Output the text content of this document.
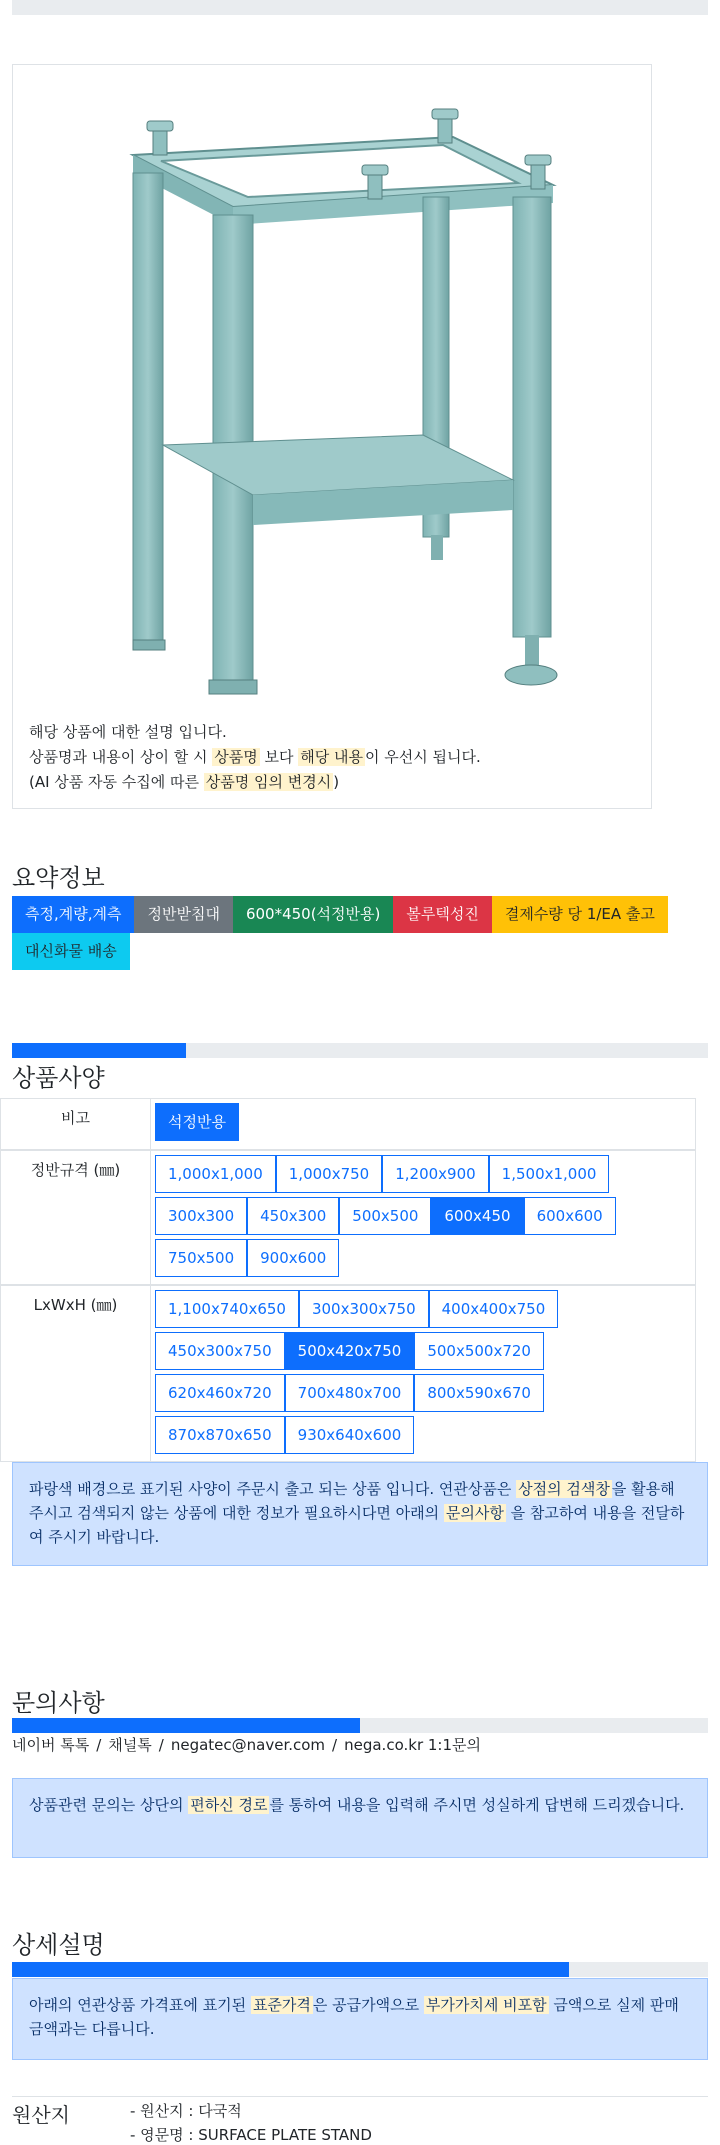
해당 상품에 대한 설명 입니다.
상품명과 내용이 상이 할 시 상품명 보다 해당 내용 이 우선시 됩니다.
(AI 상품 자동 수집에 따른 상품명 임의 변경시 )
요약정보
측정,계량,계측	정반받침대	600*450(석정반용)	볼루텍성진	결제수량 당 1/EA 출고
대신화물 배송
상품사양
비고	석정반용
정반규격 (㎜)	1,000x1,000	1,000x750	1,200x900	1,500x1,000
300x300	450x300	500x500	600x450	600x600
750x500	900x600
LxWxH (㎜)	1,100x740x650	300x300x750	400x400x750
450x300x750	500x420x750	500x500x720
620x460x720	700x480x700	800x590x670
870x870x650	930x640x600
파랑색 배경으로 표기된 사양이 주문시 출고 되는 상품 입니다. 연관상품은 상점의 검색창 을 활용해 주시고 검색되지 않는 상품에 대한 정보가 필요하시다면 아래의 문의사항 을 참고하여 내용을 전달하여 주시기 바랍니다.
문의사항
네이버 톡톡 / 채널톡 / negatec@naver.com / nega.co.kr 1:1문의
상품관련 문의는 상단의 편하신 경로 를 통하여 내용을 입력해 주시면 성실하게 답변해 드리겠습니다.
상세설명
아래의 연관상품 가격표에 표기된 표준가격 은 공급가액으로 부가가치세 비포함 금액으로 실제 판매금액과는 다릅니다.
원산지	- 원산지 : 다국적
- 영문명 : SURFACE PLATE STAND
